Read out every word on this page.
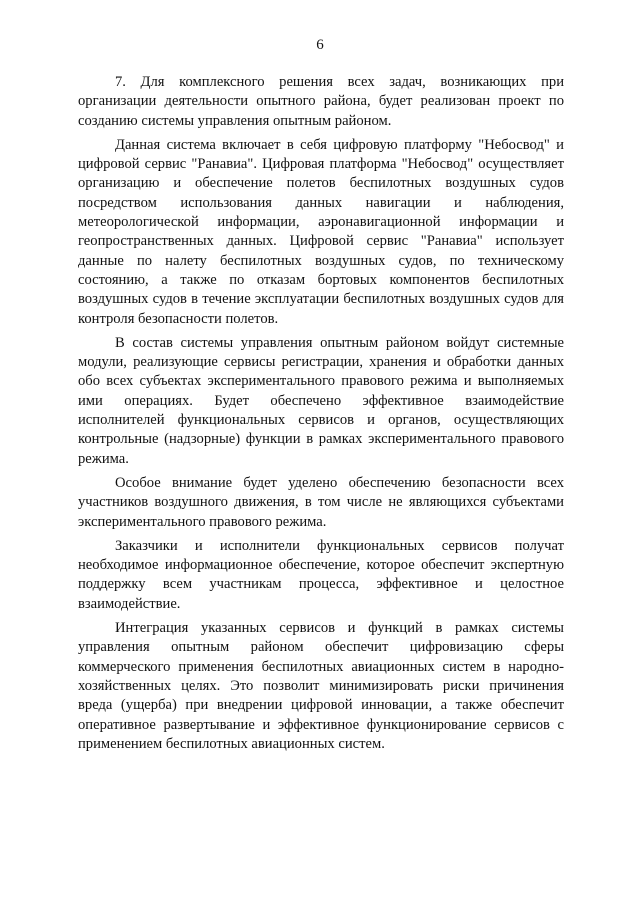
6

7. Для комплексного решения всех задач, возникающих при организации деятельности опытного района, будет реализован проект по созданию системы управления опытным районом.

Данная система включает в себя цифровую платформу "Небосвод" и цифровой сервис "Ранавиа". Цифровая платформа "Небосвод" осуществляет организацию и обеспечение полетов беспилотных воздушных судов посредством использования данных навигации и наблюдения, метеорологической информации, аэронавигационной информации и геопространственных данных. Цифровой сервис "Ранавиа" использует данные по налету беспилотных воздушных судов, по техническому состоянию, а также по отказам бортовых компонентов беспилотных воздушных судов в течение эксплуатации беспилотных воздушных судов для контроля безопасности полетов.

В состав системы управления опытным районом войдут системные модули, реализующие сервисы регистрации, хранения и обработки данных обо всех субъектах экспериментального правового режима и выполняемых ими операциях. Будет обеспечено эффективное взаимодействие исполнителей функциональных сервисов и органов, осуществляющих контрольные (надзорные) функции в рамках экспериментального правового режима.

Особое внимание будет уделено обеспечению безопасности всех участников воздушного движения, в том числе не являющихся субъектами экспериментального правового режима.

Заказчики и исполнители функциональных сервисов получат необходимое информационное обеспечение, которое обеспечит экспертную поддержку всем участникам процесса, эффективное и целостное взаимодействие.

Интеграция указанных сервисов и функций в рамках системы управления опытным районом обеспечит цифровизацию сферы коммерческого применения беспилотных авиационных систем в народно-хозяйственных целях. Это позволит минимизировать риски причинения вреда (ущерба) при внедрении цифровой инновации, а также обеспечит оперативное развертывание и эффективное функционирование сервисов с применением беспилотных авиационных систем.
